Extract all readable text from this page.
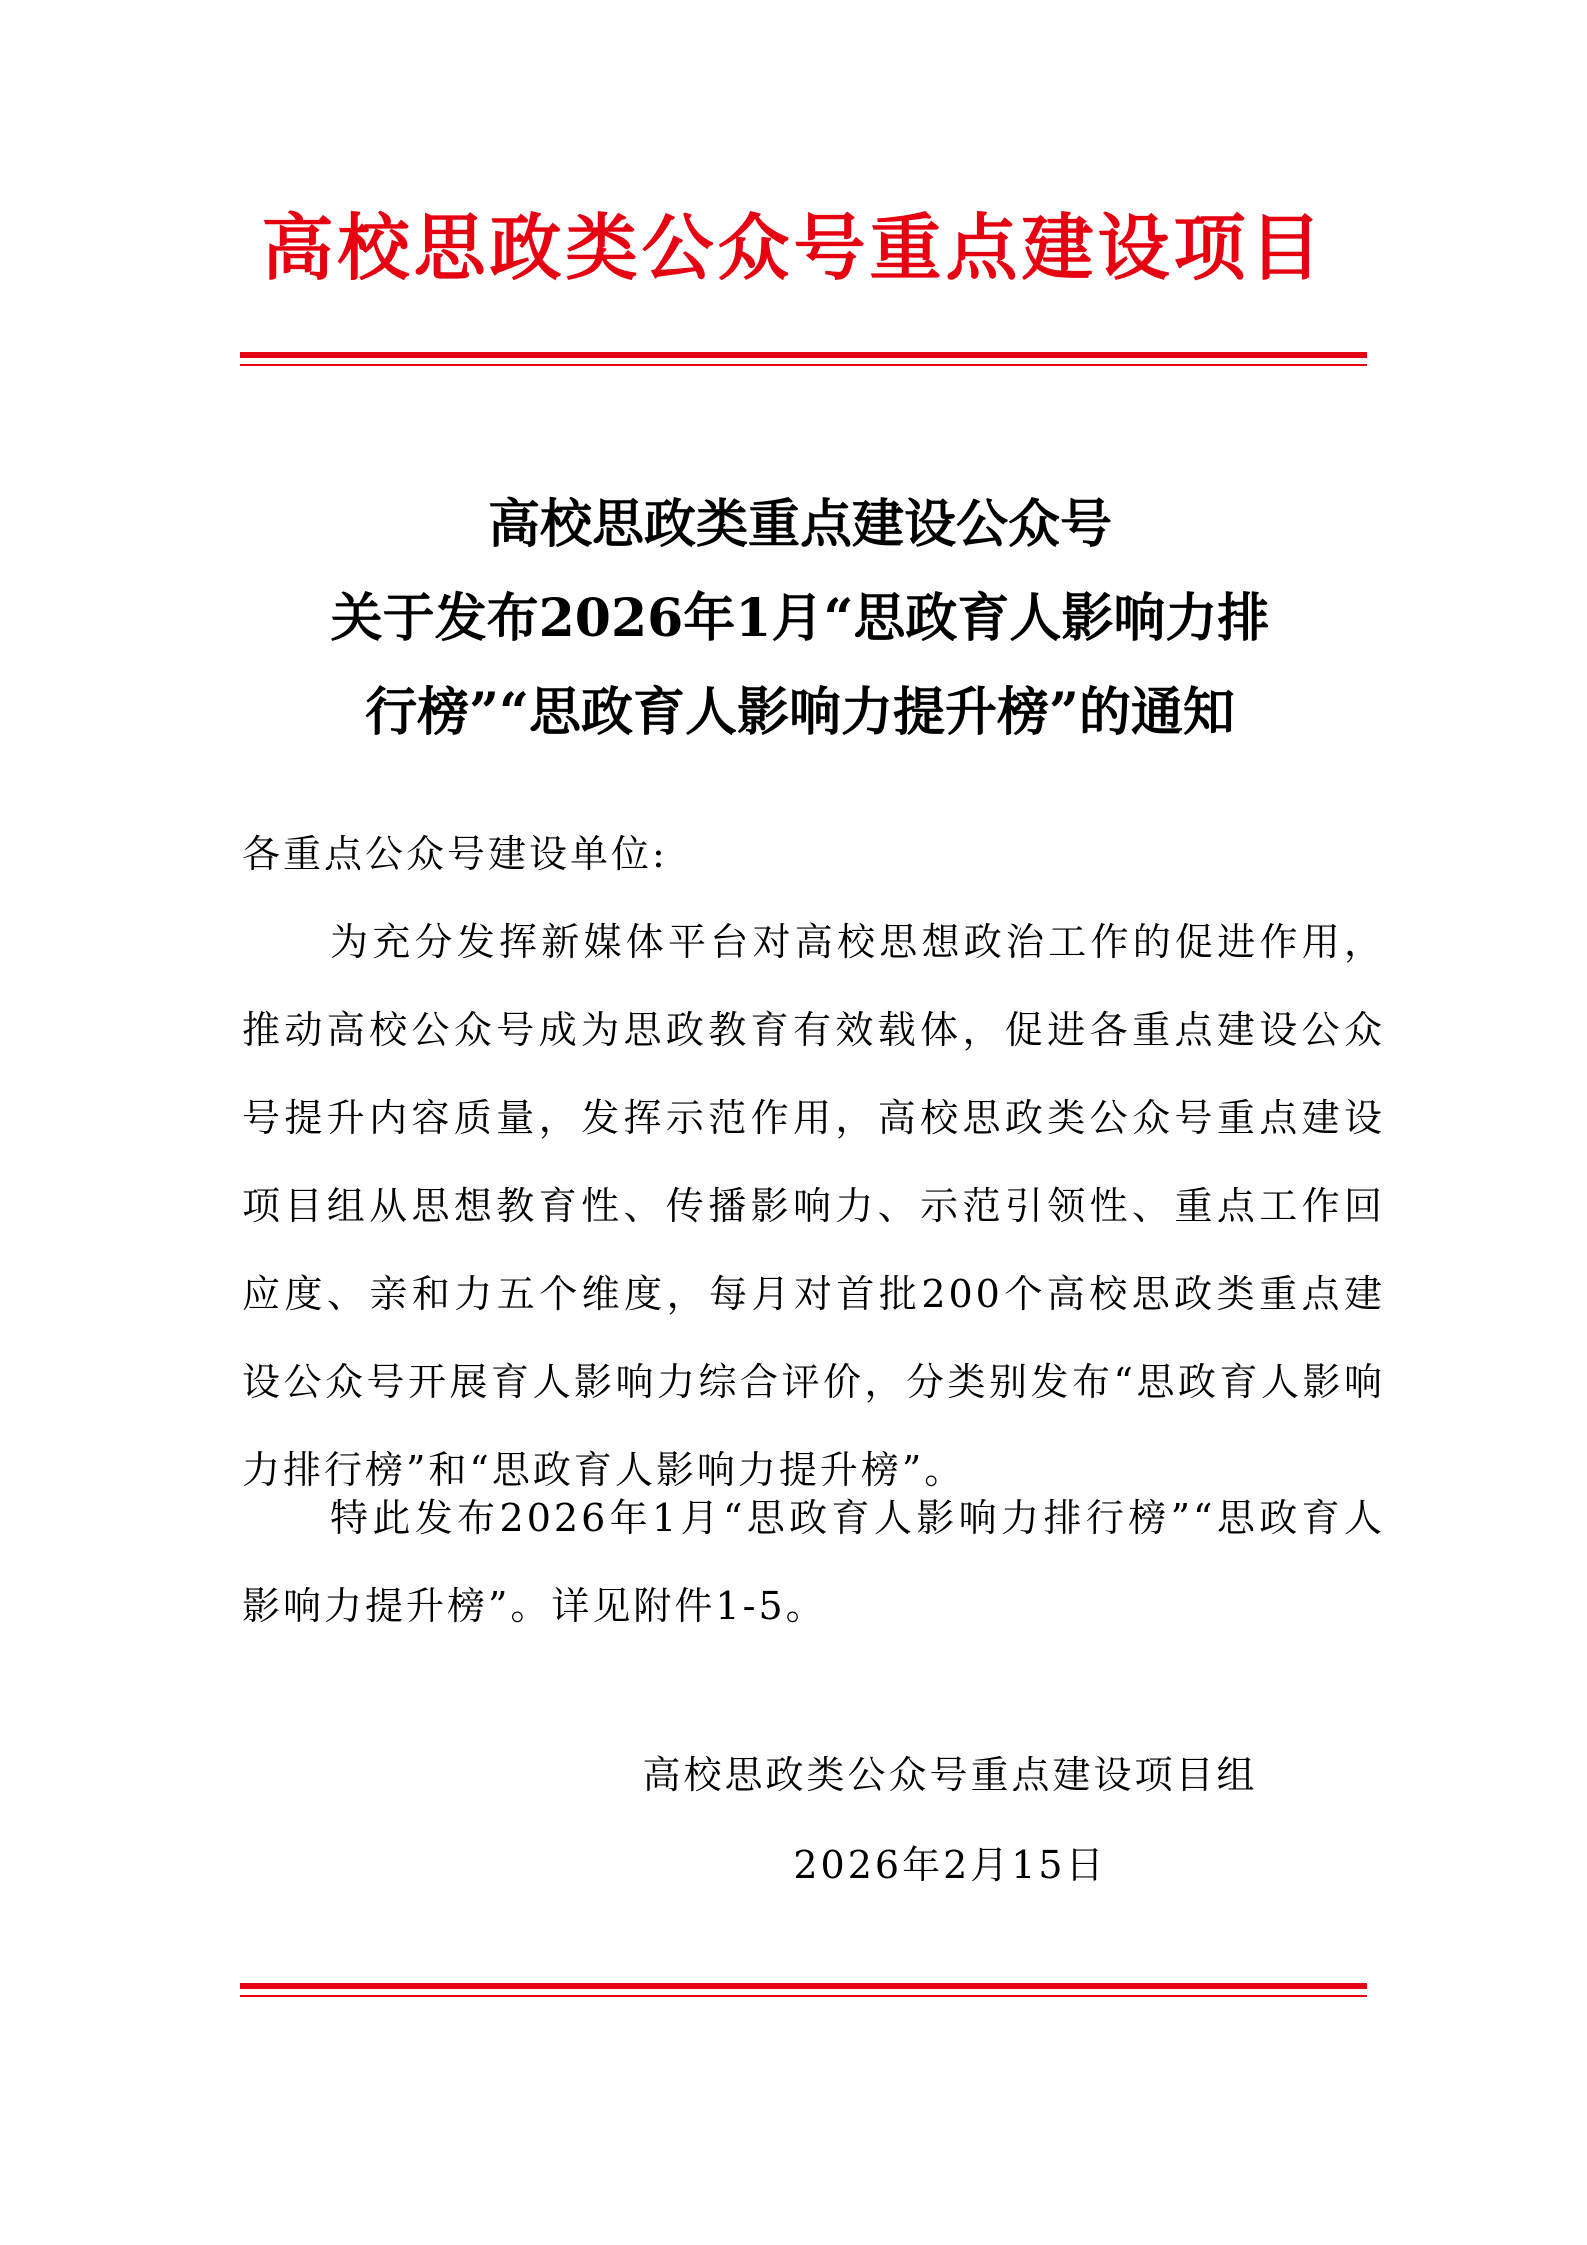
高校思政类公众号重点建设项目
高校思政类重点建设公众号
关于发布2026年1月“思政育人影响力排
行榜”“思政育人影响力提升榜”的通知
各重点公众号建设单位:
为充分发挥新媒体平台对高校思想政治工作的促进作用，推动高校公众号成为思政教育有效载体，促进各重点建设公众号提升内容质量，发挥示范作用，高校思政类公众号重点建设项目组从思想教育性、传播影响力、示范引领性、重点工作回应度、亲和力五个维度，每月对首批200个高校思政类重点建设公众号开展育人影响力综合评价，分类别发布“思政育人影响力排行榜”和“思政育人影响力提升榜”。
特此发布2026年1月“思政育人影响力排行榜”“思政育人影响力提升榜”。详见附件1-5。
高校思政类公众号重点建设项目组
2026年2月15日
